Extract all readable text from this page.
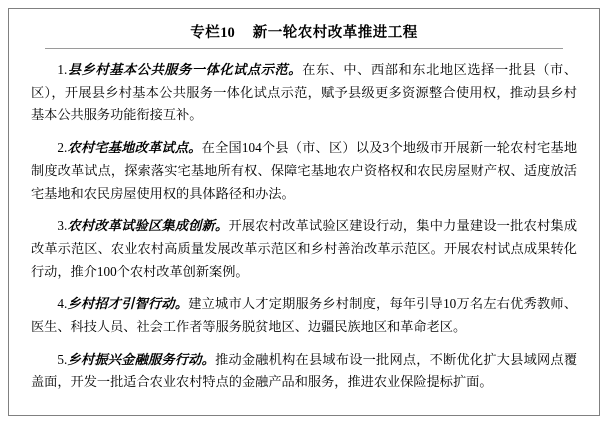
专栏10 新一轮农村改革推进工程

1.县乡村基本公共服务一体化试点示范。在东、中、西部和东北地区选择一批县（市、区），开展县乡村基本公共服务一体化试点示范，赋予县级更多资源整合使用权，推动县乡村基本公共服务功能衔接互补。

2.农村宅基地改革试点。在全国104个县（市、区）以及3个地级市开展新一轮农村宅基地制度改革试点，探索落实宅基地所有权、保障宅基地农户资格权和农民房屋财产权、适度放活宅基地和农民房屋使用权的具体路径和办法。

3.农村改革试验区集成创新。开展农村改革试验区建设行动，集中力量建设一批农村集成改革示范区、农业农村高质量发展改革示范区和乡村善治改革示范区。开展农村试点成果转化行动，推介100个农村改革创新案例。

4.乡村招才引智行动。建立城市人才定期服务乡村制度，每年引导10万名左右优秀教师、医生、科技人员、社会工作者等服务脱贫地区、边疆民族地区和革命老区。

5.乡村振兴金融服务行动。推动金融机构在县域布设一批网点，不断优化扩大县域网点覆盖面，开发一批适合农业农村特点的金融产品和服务，推进农业保险提标扩面。
